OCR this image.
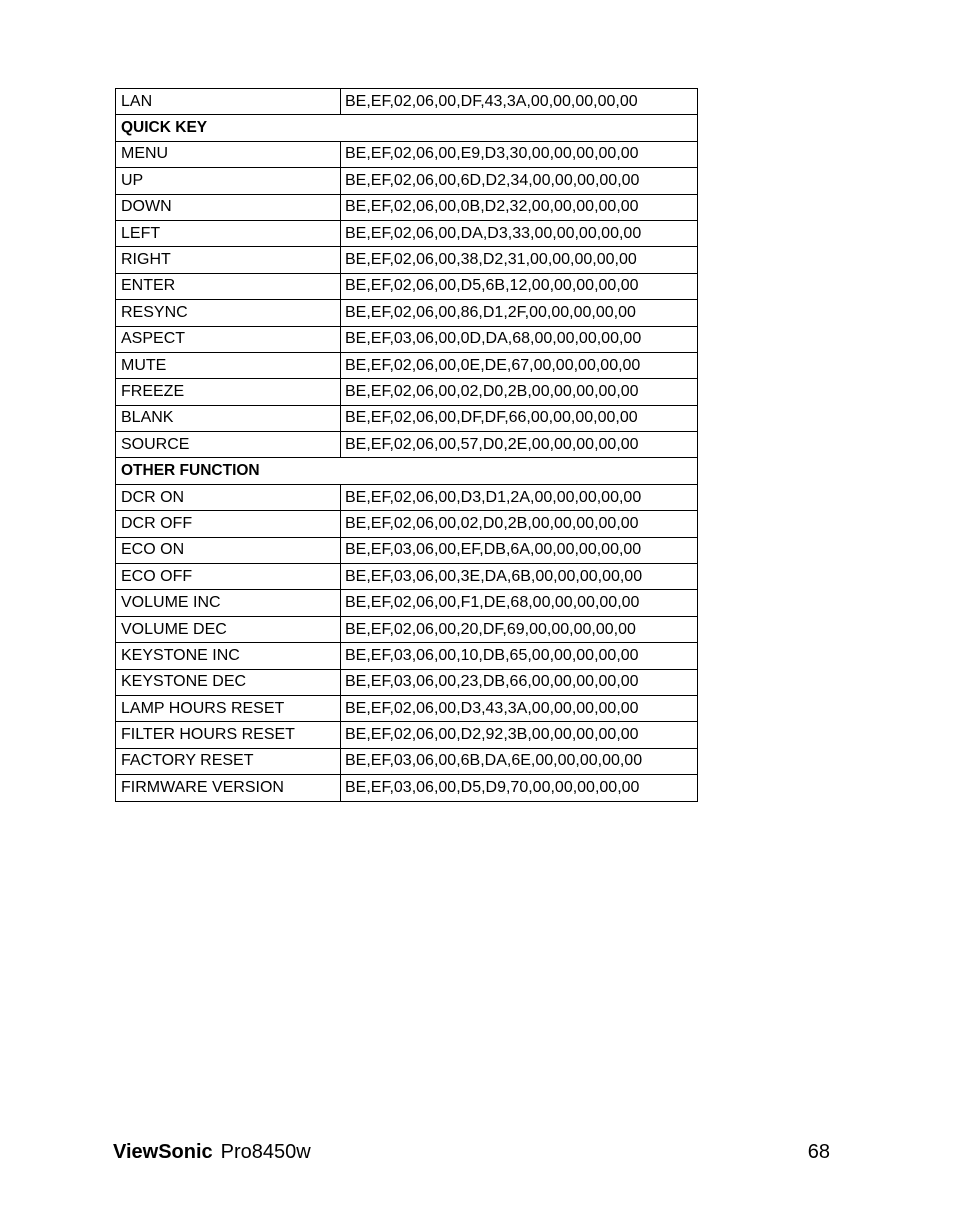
LAN	BE,EF,02,06,00,DF,43,3A,00,00,00,00,00
QUICK KEY	
MENU	BE,EF,02,06,00,E9,D3,30,00,00,00,00,00
UP	BE,EF,02,06,00,6D,D2,34,00,00,00,00,00
DOWN	BE,EF,02,06,00,0B,D2,32,00,00,00,00,00
LEFT	BE,EF,02,06,00,DA,D3,33,00,00,00,00,00
RIGHT	BE,EF,02,06,00,38,D2,31,00,00,00,00,00
ENTER	BE,EF,02,06,00,D5,6B,12,00,00,00,00,00
RESYNC	BE,EF,02,06,00,86,D1,2F,00,00,00,00,00
ASPECT	BE,EF,03,06,00,0D,DA,68,00,00,00,00,00
MUTE	BE,EF,02,06,00,0E,DE,67,00,00,00,00,00
FREEZE	BE,EF,02,06,00,02,D0,2B,00,00,00,00,00
BLANK	BE,EF,02,06,00,DF,DF,66,00,00,00,00,00
SOURCE	BE,EF,02,06,00,57,D0,2E,00,00,00,00,00
OTHER FUNCTION	
DCR ON	BE,EF,02,06,00,D3,D1,2A,00,00,00,00,00
DCR OFF	BE,EF,02,06,00,02,D0,2B,00,00,00,00,00
ECO ON	BE,EF,03,06,00,EF,DB,6A,00,00,00,00,00
ECO OFF	BE,EF,03,06,00,3E,DA,6B,00,00,00,00,00
VOLUME INC	BE,EF,02,06,00,F1,DE,68,00,00,00,00,00
VOLUME DEC	BE,EF,02,06,00,20,DF,69,00,00,00,00,00
KEYSTONE INC	BE,EF,03,06,00,10,DB,65,00,00,00,00,00
KEYSTONE DEC	BE,EF,03,06,00,23,DB,66,00,00,00,00,00
LAMP HOURS RESET	BE,EF,02,06,00,D3,43,3A,00,00,00,00,00
FILTER HOURS RESET	BE,EF,02,06,00,D2,92,3B,00,00,00,00,00
FACTORY RESET	BE,EF,03,06,00,6B,DA,6E,00,00,00,00,00
FIRMWARE VERSION	BE,EF,03,06,00,D5,D9,70,00,00,00,00,00
ViewSonic Pro8450w	68
